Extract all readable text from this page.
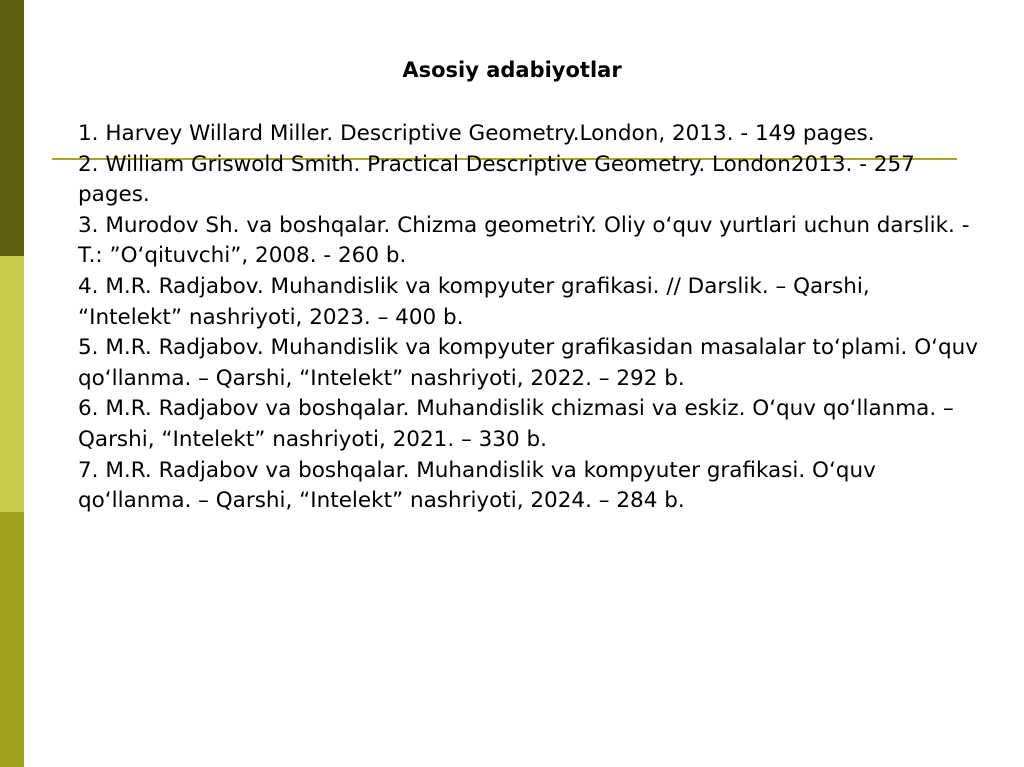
Asosiy adabiyotlar

1. Harvey Willard Miller. Descriptive Geometry.London, 2013. - 149 pages.

2. William Griswold Smith. Practical Descriptive Geometry. London2013. - 257 pages.

3. Murodov Sh. va boshqalar. Chizma geometriY. Oliy o‘quv yurtlari uchun darslik. -T.: ”O‘qituvchi”, 2008. - 260 b.

4. M.R. Radjabov. Muhandislik va kompyuter grafikasi. // Darslik. – Qarshi, “Intelekt” nashriyoti, 2023. – 400 b.

5. M.R. Radjabov. Muhandislik va kompyuter grafikasidan masalalar to‘plami. O‘quv qo‘llanma. – Qarshi, “Intelekt” nashriyoti, 2022. – 292 b.

6. M.R. Radjabov va boshqalar. Muhandislik chizmasi va eskiz. O‘quv qo‘llanma. – Qarshi, “Intelekt” nashriyoti, 2021. – 330 b.

7. M.R. Radjabov va boshqalar. Muhandislik va kompyuter grafikasi. O‘quv qo‘llanma. – Qarshi, “Intelekt” nashriyoti, 2024. – 284 b.
